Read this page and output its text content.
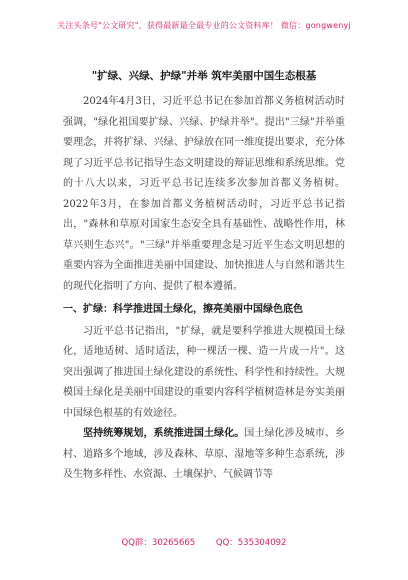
关注头条号"公文研究"，获得最新最全最专业的公文资料库！ 微信：gongwenyj
"扩绿、兴绿、护绿"并举 筑牢美丽中国生态根基

2024年4月3日，习近平总书记在参加首都义务植树活动时强调，"绿化祖国要扩绿、兴绿、护绿并举"。提出"三绿"并举重要理念，并将扩绿、兴绿、护绿放在同一维度提出要求，充分体现了习近平总书记指导生态文明建设的辩证思维和系统思维。党的十八大以来，习近平总书记连续多次参加首都义务植树。2022年3月，在参加首都义务植树活动时，习近平总书记指出，"森林和草原对国家生态安全具有基础性、战略性作用，林草兴则生态兴"。"三绿"并举重要理念是习近平生态文明思想的重要内容为全面推进美丽中国建设、加快推进人与自然和谐共生的现代化指明了方向、提供了根本遵循。

一、扩绿：科学推进国土绿化，擦亮美丽中国绿色底色

习近平总书记指出，"扩绿，就是要科学推进大规模国土绿化，适地适树、适时适法，种一棵活一棵、造一片成一片"。这突出强调了推进国土绿化建设的系统性、科学性和持续性。大规模国土绿化是美丽中国建设的重要内容科学植树造林是夯实美丽中国绿色根基的有效途径。

坚持统筹规划，系统推进国土绿化。国土绿化涉及城市、乡村、道路多个地域，涉及森林、草原、湿地等多种生态系统，涉及生物多样性、水资源、土壤保护、气候调节等

QQ群：30265665 QQ：535304092
